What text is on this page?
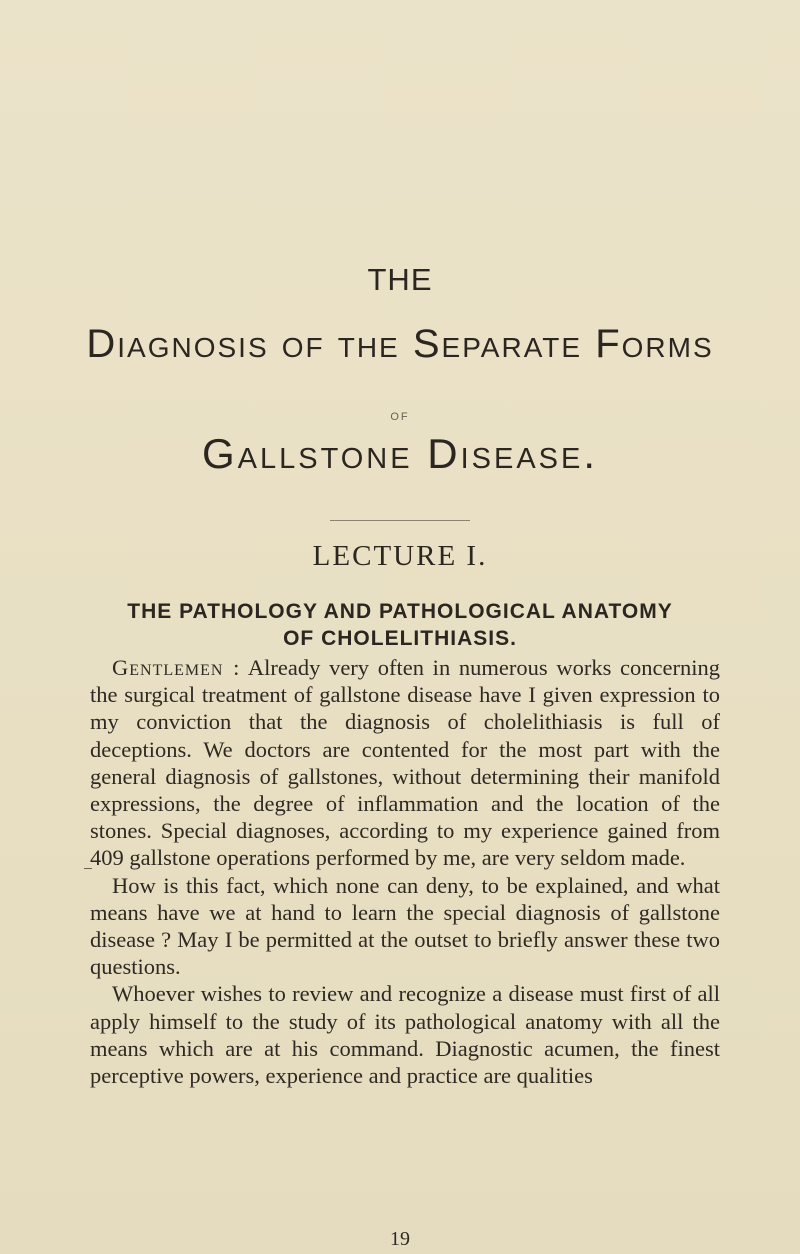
THE
Diagnosis of the Separate Forms
OF
Gallstone Disease.
LECTURE I.
THE PATHOLOGY AND PATHOLOGICAL ANATOMY
OF CHOLELITHIASIS.

Gentlemen : Already very often in numerous works concerning the surgical treatment of gallstone disease have I given expression to my conviction that the diagnosis of cholelithiasis is full of deceptions. We doctors are contented for the most part with the general diagnosis of gallstones, without determining their manifold expressions, the degree of inflammation and the location of the stones. Special diagnoses, according to my experience gained from 409 gallstone operations performed by me, are very seldom made.

How is this fact, which none can deny, to be explained, and what means have we at hand to learn the special diagnosis of gallstone disease ? May I be permitted at the outset to briefly answer these two questions.

Whoever wishes to review and recognize a disease must first of all apply himself to the study of its pathological anatomy with all the means which are at his command. Diagnostic acumen, the finest perceptive powers, experience and practice are qualities

19
